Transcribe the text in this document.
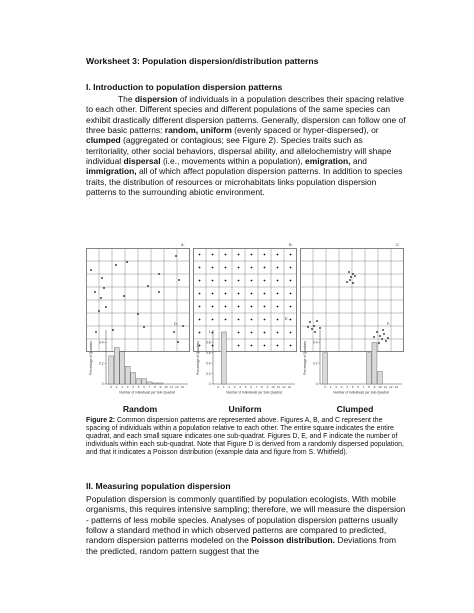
Worksheet 3: Population dispersion/distribution patterns
I. Introduction to population dispersion patterns
The dispersion of individuals in a population describes their spacing relative to each other. Different species and different populations of the same species can exhibit drastically different dispersion patterns. Generally, dispersion can follow one of three basic patterns: random, uniform (evenly spaced or hyper-dispersed), or clumped (aggregated or contagious; see Figure 2). Species traits such as territoriality, other social behaviors, dispersal ability, and allelochemistry will shape individual dispersal (i.e., movements within a population), emigration, and immigration, all of which affect population dispersion patterns. In addition to species traits, the distribution of resources or microhabitats links population dispersion patterns to the surrounding abiotic environment.
A.	B.	C.
0
0.2
0.4
0 1 2 3 4 5 6 7 8 9 10 11 12 13
Number of Individuals per Sub-Quadrat
Percentage of Quadrats
D.
0
0.2
0.4
0.6
0.8
1
0 1 2 3 4 5 6 7 8 9 10 11 12 13
Number of Individuals per Sub-Quadrat
Percentage of Quadrats
E.
0
0.2
0.4
0 1 2 3 4 5 6 7 8 9 10 11 12 13
Number of Individuals per Sub-Quadrat
Percentage of Quadrats
F.
Random	Uniform	Clumped
Figure 2: Common dispersion patterns are represented above. Figures A, B, and C represent the spacing of individuals within a population relative to each other. The entire square indicates the entire quadrat, and each small square indicates one sub-quadrat. Figures D, E, and F indicate the number of individuals within each sub-quadrat. Note that Figure D is derived from a randomly dispersed population, and that it indicates a Poisson distribution (example data and figure from S. Whitfield).
II. Measuring population dispersion
Population dispersion is commonly quantified by population ecologists. With mobile organisms, this requires intensive sampling; therefore, we will measure the dispersion - patterns of less mobile species. Analyses of population dispersion patterns usually follow a standard method in which observed patterns are compared to predicted, random dispersion patterns modeled on the Poisson distribution. Deviations from the predicted, random pattern suggest that the
